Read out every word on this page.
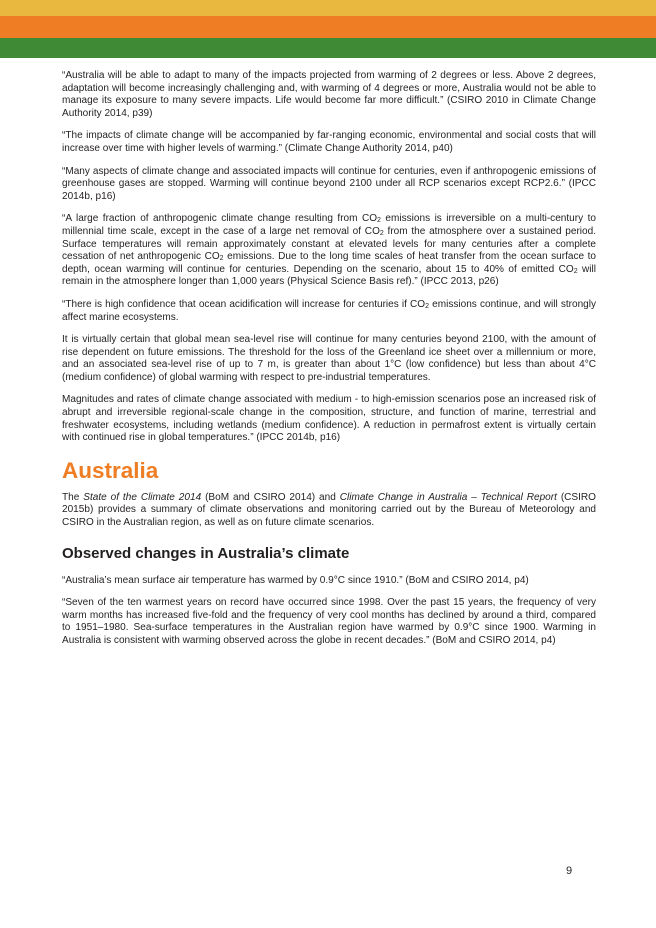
“Australia will be able to adapt to many of the impacts projected from warming of 2 degrees or less. Above 2 degrees, adaptation will become increasingly challenging and, with warming of 4 degrees or more, Australia would not be able to manage its exposure to many severe impacts. Life would become far more difficult.” (CSIRO 2010 in Climate Change Authority 2014, p39)

“The impacts of climate change will be accompanied by far-ranging economic, environmental and social costs that will increase over time with higher levels of warming.” (Climate Change Authority 2014, p40)

“Many aspects of climate change and associated impacts will continue for centuries, even if anthropogenic emissions of greenhouse gases are stopped. Warming will continue beyond 2100 under all RCP scenarios except RCP2.6.” (IPCC 2014b, p16)

“A large fraction of anthropogenic climate change resulting from $CO_2$ emissions is irreversible on a multi-century to millennial time scale, except in the case of a large net removal of $CO_2$ from the atmosphere over a sustained period. Surface temperatures will remain approximately constant at elevated levels for many centuries after a complete cessation of net anthropogenic $CO_2$ emissions. Due to the long time scales of heat transfer from the ocean surface to depth, ocean warming will continue for centuries. Depending on the scenario, about 15 to 40% of emitted $CO_2$ will remain in the atmosphere longer than 1,000 years (Physical Science Basis ref).” (IPCC 2013, p26)

“There is high confidence that ocean acidification will increase for centuries if $CO_2$ emissions continue, and will strongly affect marine ecosystems.

It is virtually certain that global mean sea-level rise will continue for many centuries beyond 2100, with the amount of rise dependent on future emissions. The threshold for the loss of the Greenland ice sheet over a millennium or more, and an associated sea-level rise of up to 7 m, is greater than about 1°C (low confidence) but less than about 4°C (medium confidence) of global warming with respect to pre-industrial temperatures.

Magnitudes and rates of climate change associated with medium - to high-emission scenarios pose an increased risk of abrupt and irreversible regional-scale change in the composition, structure, and function of marine, terrestrial and freshwater ecosystems, including wetlands (medium confidence). A reduction in permafrost extent is virtually certain with continued rise in global temperatures.” (IPCC 2014b, p16)

Australia

The State of the Climate 2014 (BoM and CSIRO 2014) and Climate Change in Australia – Technical Report (CSIRO 2015b) provides a summary of climate observations and monitoring carried out by the Bureau of Meteorology and CSIRO in the Australian region, as well as on future climate scenarios.

Observed changes in Australia’s climate

“Australia’s mean surface air temperature has warmed by 0.9°C since 1910.” (BoM and CSIRO 2014, p4)

“Seven of the ten warmest years on record have occurred since 1998. Over the past 15 years, the frequency of very warm months has increased five-fold and the frequency of very cool months has declined by around a third, compared to 1951–1980. Sea-surface temperatures in the Australian region have warmed by 0.9°C since 1900. Warming in Australia is consistent with warming observed across the globe in recent decades.” (BoM and CSIRO 2014, p4)

9
